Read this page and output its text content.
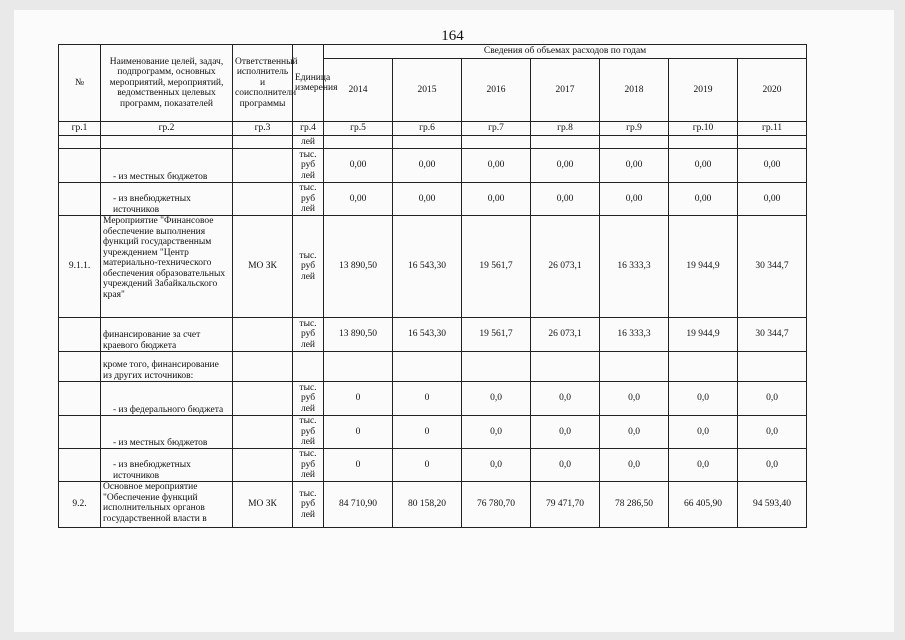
164
№	Наименование целей, задач, подпрограмм, основных мероприятий, мероприятий, ведомственных целевых программ, показателей	Ответственный исполнитель и соисполнители программы	Единица измерения	Сведения об объемах расходов по годам						
				2014	2015	2016	2017	2018	2019	2020
гр.1	гр.2	гр.3	гр.4	гр.5	гр.6	гр.7	гр.8	гр.9	гр.10	гр.11
			лей							
	- из местных бюджетов		тыс. руб лей	0,00	0,00	0,00	0,00	0,00	0,00	0,00
	- из внебюджетных источников		тыс. руб лей	0,00	0,00	0,00	0,00	0,00	0,00	0,00
9.1.1.	Мероприятие "Финансовое обеспечение выполнения функций государственным учреждением "Центр материально-технического обеспечения образовательных учреждений Забайкальского края"	МО ЗК	тыс. руб лей	13 890,50	16 543,30	19 561,7	26 073,1	16 333,3	19 944,9	30 344,7
	финансирование за счет краевого бюджета		тыс. руб лей	13 890,50	16 543,30	19 561,7	26 073,1	16 333,3	19 944,9	30 344,7
	кроме того, финансирование из других источников:									
	- из федерального бюджета		тыс. руб лей	0	0	0,0	0,0	0,0	0,0	0,0
	- из местных бюджетов		тыс. руб лей	0	0	0,0	0,0	0,0	0,0	0,0
	- из внебюджетных источников		тыс. руб лей	0	0	0,0	0,0	0,0	0,0	0,0
9.2.	Основное мероприятие "Обеспечение функций исполнительных органов государственной власти в	МО ЗК	тыс. руб лей	84 710,90	80 158,20	76 780,70	79 471,70	78 286,50	66 405,90	94 593,40
